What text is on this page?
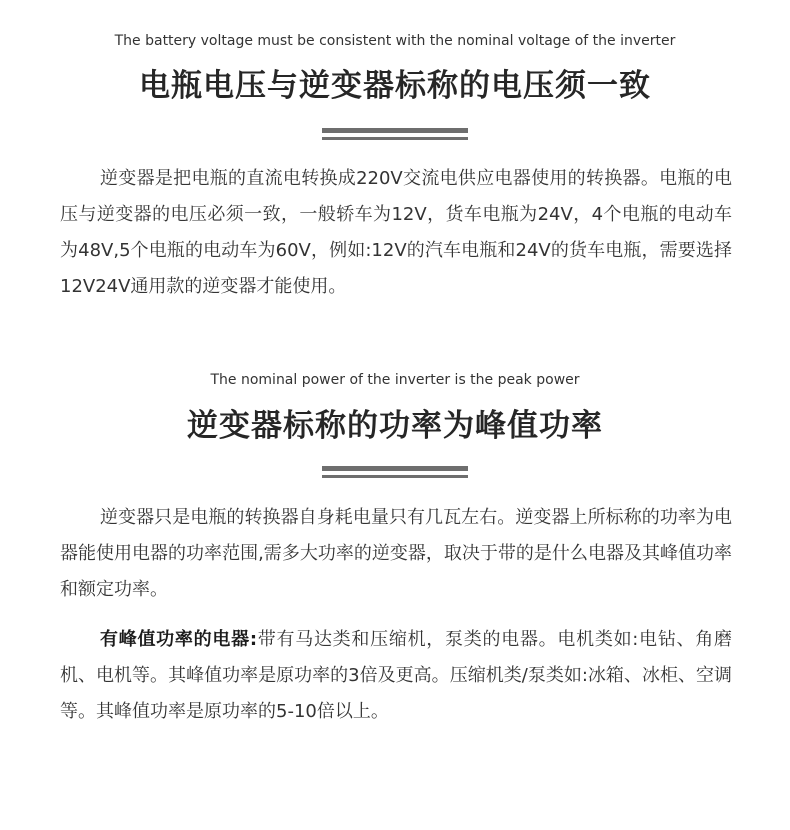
The battery voltage must be consistent with the nominal voltage of the inverter
电瓶电压与逆变器标称的电压须一致

逆变器是把电瓶的直流电转换成220V交流电供应电器使用的转换器。电瓶的电压与逆变器的电压必须一致，一般轿车为12V，货车电瓶为24V，4个电瓶的电动车为48V,5个电瓶的电动车为60V，例如:12V的汽车电瓶和24V的货车电瓶，需要选择12V24V通用款的逆变器才能使用。

The nominal power of the inverter is the peak power
逆变器标称的功率为峰值功率

逆变器只是电瓶的转换器自身耗电量只有几瓦左右。逆变器上所标称的功率为电器能使用电器的功率范围,需多大功率的逆变器，取决于带的是什么电器及其峰值功率和额定功率。

有峰值功率的电器:带有马达类和压缩机，泵类的电器。电机类如:电钻、角磨机、电机等。其峰值功率是原功率的3倍及更高。压缩机类/泵类如:冰箱、冰柜、空调等。其峰值功率是原功率的5-10倍以上。
